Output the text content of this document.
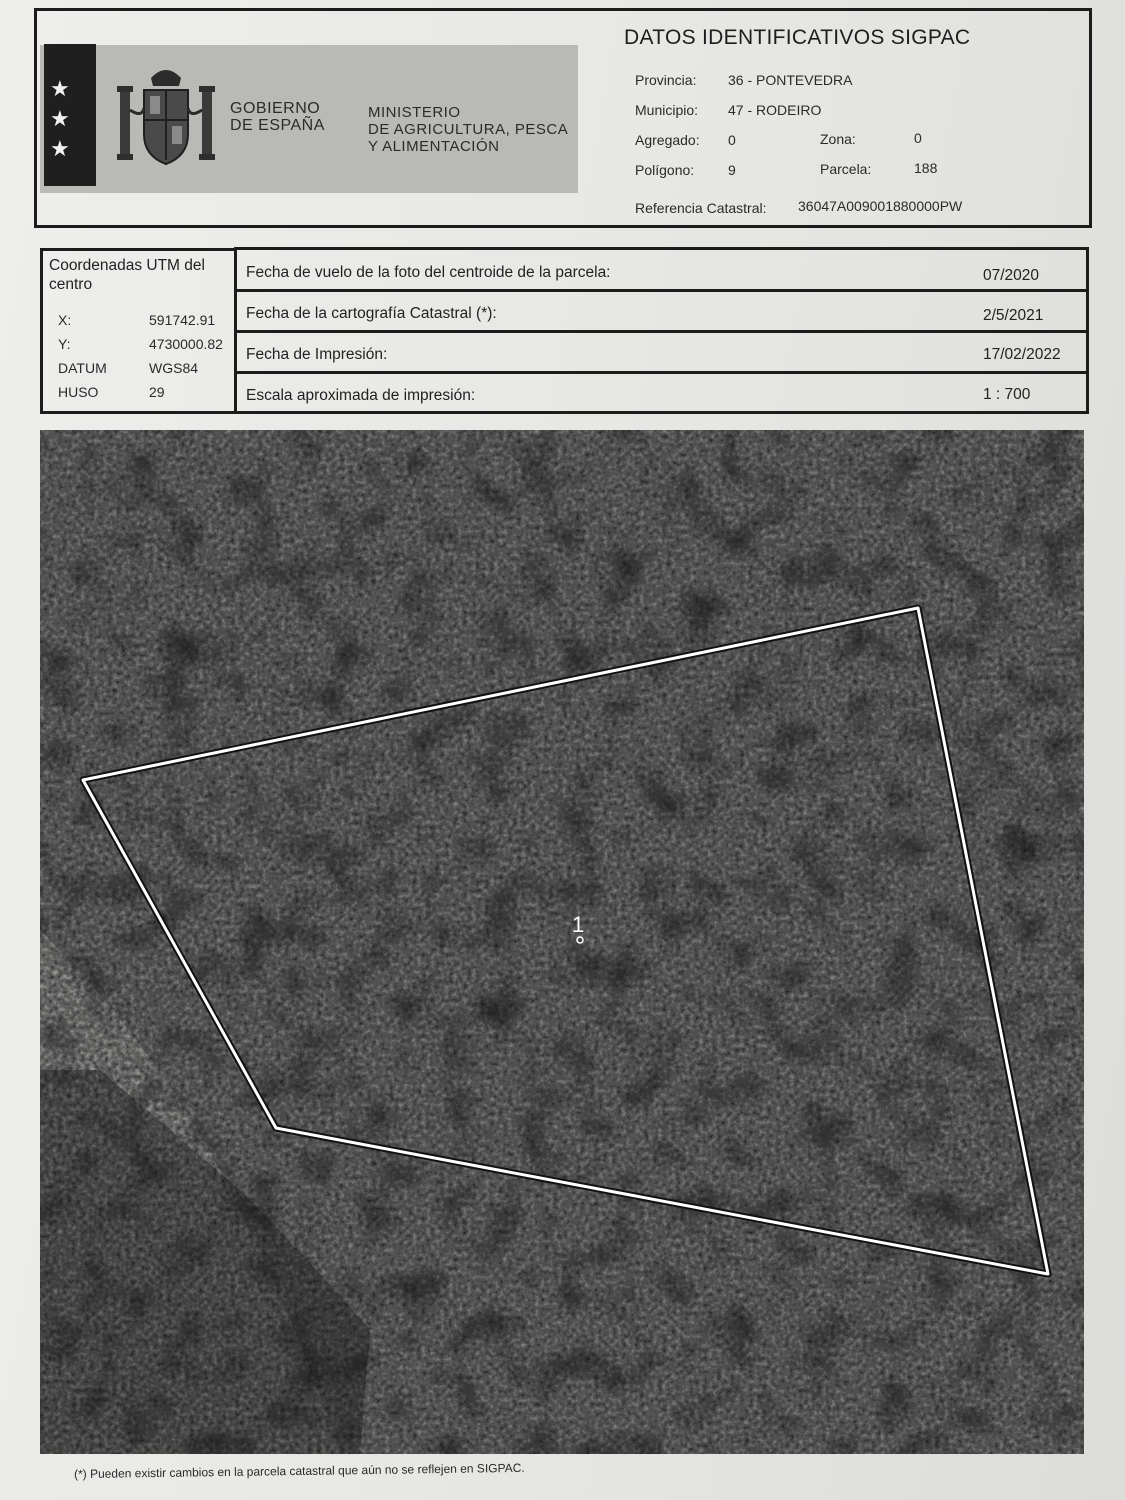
★
★
★
GOBIERNO
DE ESPAÑA
MINISTERIO
DE AGRICULTURA, PESCA
Y ALIMENTACIÓN
DATOS IDENTIFICATIVOS SIGPAC
Provincia: 36 - PONTEVEDRA
Municipio: 47 - RODEIRO
Agregado: 0	Zona:	0
Polígono: 9	Parcela:	188
Referencia Catastral: 36047A009001880000PW
Coordenadas UTM del centro
X:	591742.91
Y:	4730000.82
DATUM	WGS84
HUSO	29
Fecha de vuelo de la foto del centroide de la parcela:	07/2020
Fecha de la cartografía Catastral (*):	2/5/2021
Fecha de Impresión:	17/02/2022
Escala aproximada de impresión:	1 : 700
1
(*) Pueden existir cambios en la parcela catastral que aún no se reflejen en SIGPAC.
